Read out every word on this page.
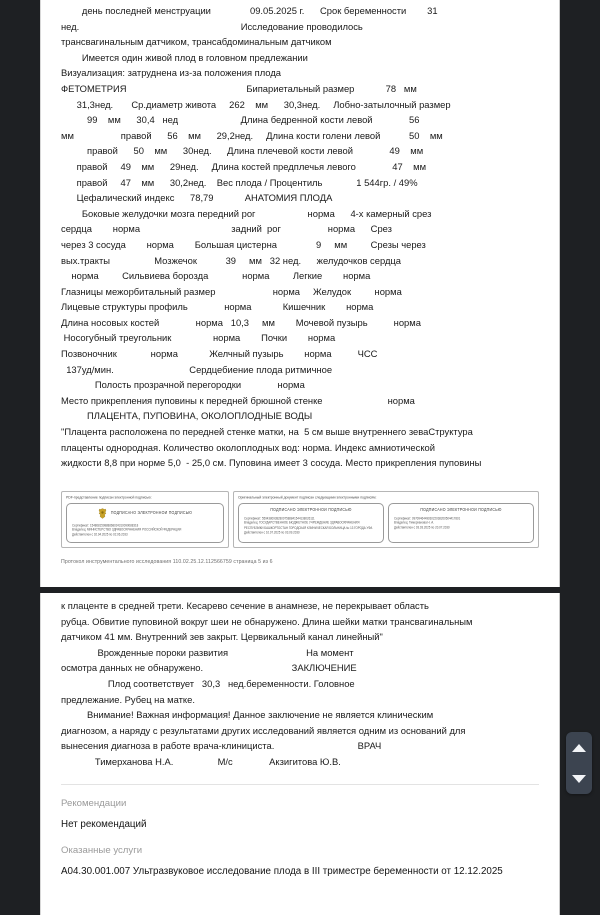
день последней менструации               09.05.2025 г.      Срок беременности        31

нед.                                                              Исследование проводилось

трансвагинальным датчиком, трансабдоминальным датчиком

Имеется один живой плод в головном предлежании

Визуализация: затруднена из-за положения плода

ФЕТОМЕТРИЯ                                              Бипариетальный размер            78   мм

31,3нед.       Ср.диаметр живота     262    мм      30,3нед.     Лобно-затылочный размер

99    мм      30,4   нед                        Длина бедренной кости левой              56

мм                  правой      56    мм      29,2нед.     Длина кости голени левой           50    мм

правой      50    мм      30нед.      Длина плечевой кости левой              49    мм

правой     49    мм      29нед.     Длина костей предплечья левого              47    мм

правой     47    мм      30,2нед.    Вес плода / Процентиль             1 544гр. / 49%

Цефалический индекс      78,79            АНАТОМИЯ ПЛОДА

Боковые желудочки мозга передний рог                    норма      4-х камерный срез

сердца        норма                                   задний  рог                  норма      Срез

через 3 сосуда        норма        Большая цистерна               9     мм         Срезы через

вых.тракты                 Мозжечок           39     мм   32 нед.      желудочков сердца

норма         Сильвиева борозда             норма         Легкие        норма

Глазницы межорбитальный размер                      норма     Желудок         норма

Лицевые структуры профиль              норма            Кишечник        норма

Длина носовых костей              норма   10,3     мм        Мочевой пузырь          норма

Носогубный треугольник                норма        Почки        норма

Позвоночник             норма            Желчный пузырь        норма          ЧСС

137уд/мин.                             Сердцебиение плода ритмичное

Полость прозрачной перегородки              норма

Место прикрепления пуповины к передней брюшной стенке                         норма

ПЛАЦЕНТА, ПУПОВИНА, ОКОЛОПЛОДНЫЕ ВОДЫ

"Плацента расположена по передней стенке матки, на  5 см выше внутреннего зеваСтруктура

плаценты однородная. Количество околоплодных вод: норма. Индекс амниотической

жидкости 8,8 при норме 5,0  - 25,0 см. Пуповина имеет 3 сосуда. Место прикрепления пуповины

PDF-представление подписан электронной подписью:
ПОДПИСАНО ЭЛЕКТРОННОЙ ПОДПИСЬЮ
Сертификат: 154868159888868024310099088318
Владелец: МИНИСТЕРСТВО ЗДРАВООХРАНЕНИЯ РОССИЙСКОЙ ФЕДЕРАЦИИ
Действителен с 02.04.2025 по 02.06.2033
Оригинальный электронный документ подписан следующими электронными подписям:
ПОДПИСАНО ЭЛЕКТРОННОЙ ПОДПИСЬЮ
Сертификат: 559438093828007588841544138026111
Владелец: ГОСУДАРСТВЕННОЕ БЮДЖЕТНОЕ УЧРЕЖДЕНИЕ ЗДРАВООХРАНЕНИЯ РЕСПУБЛИКИ БАШКОРТОСТАН ГОРОДСКАЯ КЛИНИЧЕСКАЯ БОЛЬНИЦА № 13 ГОРОДА УФА
Действителен с 10.07.2025 по 03.09.2030
ПОДПИСАНО ЭЛЕКТРОННОЙ ПОДПИСЬЮ
Сертификат: 097094644903022038200504417801
Владелец: Тимерханова Н. А.
Действителен с 03.03.2025 по 20.07.2030
Протокол инструментального исследования 110.02.25.12.112566759 страница 5 из 6

к плаценте в средней трети. Кесарево сечение в анамнезе, не перекрывает область

рубца. Обвитие пуповиной вокруг шеи не обнаружено. Длина шейки матки трансвагинальным

датчиком 41 мм. Внутренний зев закрыт. Цервикальный канал линейный"

Врожденные пороки развития                              На момент

осмотра данных не обнаружено.                                  ЗАКЛЮЧЕНИЕ

Плод соответствует   30,3   нед.беременности. Головное

предлежание. Рубец на матке.

Внимание! Важная информация! Данное заключение не является клиническим

диагнозом, а наряду с результатами других исследований является одним из оснований для

вынесения диагноза в работе врача-клинициста.                                ВРАЧ

Тимерханова Н.А.                 М/с              Акзигитова Ю.В.

Рекомендации
Нет рекомендаций
Оказанные услуги
A04.30.001.007 Ультразвуковое исследование плода в III триместре беременности от 12.12.2025
